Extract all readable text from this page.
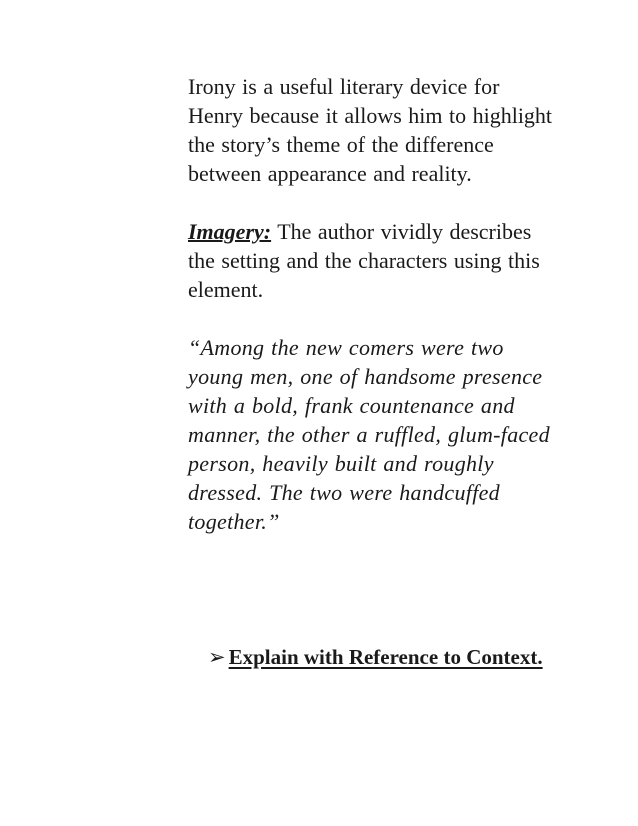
Irony is a useful literary device for
Henry because it allows him to highlight
the story’s theme of the difference
between appearance and reality.

Imagery: The author vividly describes
the setting and the characters using this
element.

“Among the new comers were two
young men, one of handsome presence
with a bold, frank countenance and
manner, the other a ruffled, glum-faced
person, heavily built and roughly
dressed. The two were handcuffed
together.”

➢ Explain with Reference to Context.
